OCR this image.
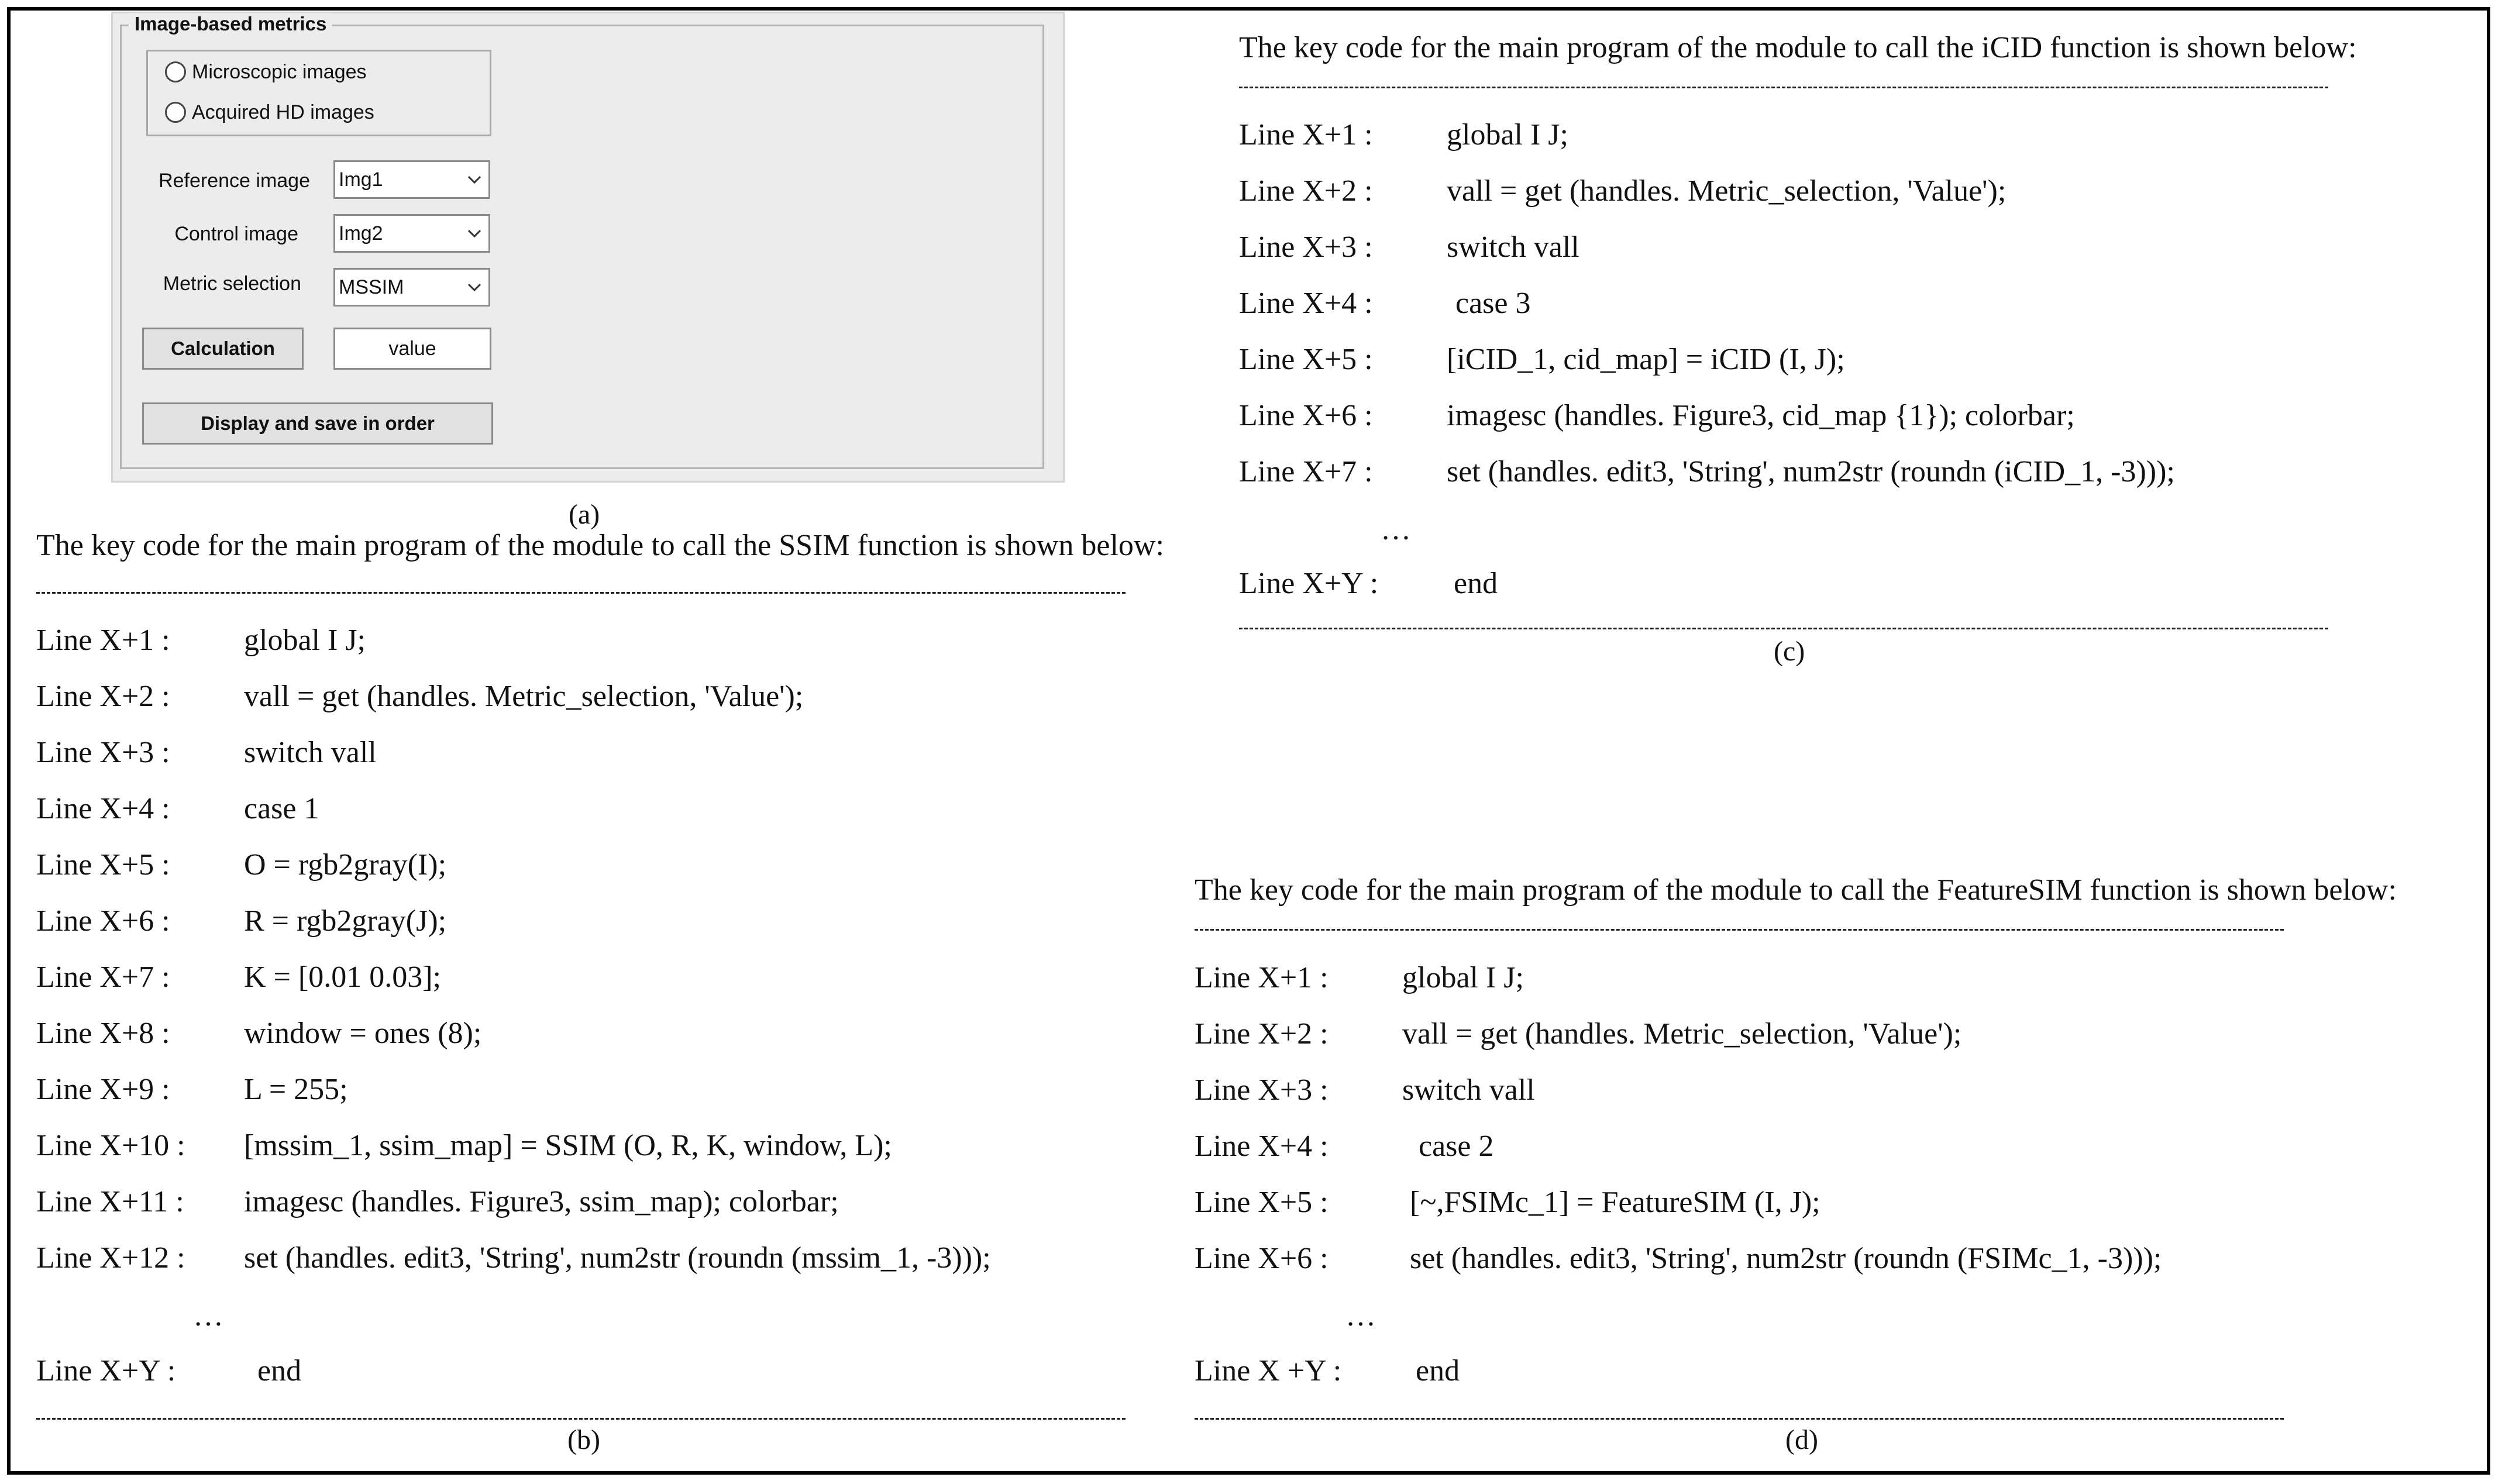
Image-based metrics
Microscopic images
Acquired HD images
Reference image Img1
Control image Img2
Metric selection MSSIM
Calculation	value
Display and save in order
(a)
The key code for the main program of the module to call the SSIM function is shown below:
Line X+1 : global I J;
Line X+2 : vall = get (handles. Metric_selection, 'Value');
Line X+3 : switch vall
Line X+4 : case 1
Line X+5 : O = rgb2gray(I);
Line X+6 : R = rgb2gray(J);
Line X+7 : K = [0.01 0.03];
Line X+8 : window = ones (8);
Line X+9 : L = 255;
Line X+10 : [mssim_1, ssim_map] = SSIM (O, R, K, window, L);
Line X+11 : imagesc (handles. Figure3, ssim_map); colorbar;
Line X+12 : set (handles. edit3, 'String', num2str (roundn (mssim_1, -3)));
…
Line X+Y :	end
(b)
The key code for the main program of the module to call the iCID function is shown below:
Line X+1 : global I J;
Line X+2 : vall = get (handles. Metric_selection, 'Value');
Line X+3 : switch vall
Line X+4 :	case 3
Line X+5 : [iCID_1, cid_map] = iCID (I, J);
Line X+6 : imagesc (handles. Figure3, cid_map {1}); colorbar;
Line X+7 : set (handles. edit3, 'String', num2str (roundn (iCID_1, -3)));
…
Line X+Y : end
(c)
The key code for the main program of the module to call the FeatureSIM function is shown below:
Line X+1 : global I J;
Line X+2 : vall = get (handles. Metric_selection, 'Value');
Line X+3 : switch vall
Line X+4 :	case 2
Line X+5 :	[~,FSIMc_1] = FeatureSIM (I, J);
Line X+6 :	set (handles. edit3, 'String', num2str (roundn (FSIMc_1, -3)));
…
Line X +Y : end
(d)
